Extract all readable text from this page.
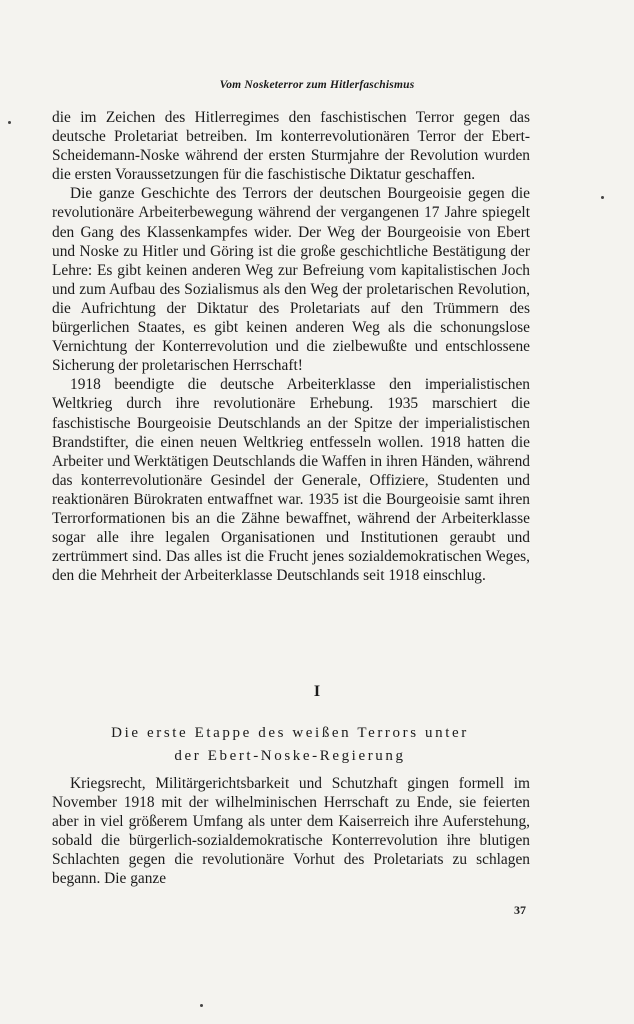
Vom Nosketerror zum Hitlerfaschismus

die im Zeichen des Hitlerregimes den faschistischen Terror gegen das deutsche Proletariat betreiben. Im konterrevolutionären Terror der Ebert-Scheidemann-Noske während der ersten Sturmjahre der Revolution wurden die ersten Voraussetzungen für die faschistische Diktatur geschaffen.

Die ganze Geschichte des Terrors der deutschen Bourgeoisie gegen die revolutionäre Arbeiterbewegung während der vergangenen 17 Jahre spiegelt den Gang des Klassenkampfes wider. Der Weg der Bourgeoisie von Ebert und Noske zu Hitler und Göring ist die große geschichtliche Bestätigung der Lehre: Es gibt keinen anderen Weg zur Befreiung vom kapitalistischen Joch und zum Aufbau des Sozialismus als den Weg der proletarischen Revolution, die Aufrichtung der Diktatur des Proletariats auf den Trümmern des bürgerlichen Staates, es gibt keinen anderen Weg als die schonungslose Vernichtung der Konterrevolution und die zielbewußte und entschlossene Sicherung der proletarischen Herrschaft!

1918 beendigte die deutsche Arbeiterklasse den imperialistischen Weltkrieg durch ihre revolutionäre Erhebung. 1935 marschiert die faschistische Bourgeoisie Deutschlands an der Spitze der imperialistischen Brandstifter, die einen neuen Weltkrieg entfesseln wollen. 1918 hatten die Arbeiter und Werktätigen Deutschlands die Waffen in ihren Händen, während das konterrevolutionäre Gesindel der Generale, Offiziere, Studenten und reaktionären Bürokraten entwaffnet war. 1935 ist die Bourgeoisie samt ihren Terrorformationen bis an die Zähne bewaffnet, während der Arbeiterklasse sogar alle ihre legalen Organisationen und Institutionen geraubt und zertrümmert sind. Das alles ist die Frucht jenes sozialdemokratischen Weges, den die Mehrheit der Arbeiterklasse Deutschlands seit 1918 einschlug.

I
Die erste Etappe des weißen Terrors unter
der Ebert-Noske-Regierung

Kriegsrecht, Militärgerichtsbarkeit und Schutzhaft gingen formell im November 1918 mit der wilhelminischen Herrschaft zu Ende, sie feierten aber in viel größerem Umfang als unter dem Kaiserreich ihre Auferstehung, sobald die bürgerlich-sozialdemokratische Konterrevolution ihre blutigen Schlachten gegen die revolutionäre Vorhut des Proletariats zu schlagen begann. Die ganze

37
